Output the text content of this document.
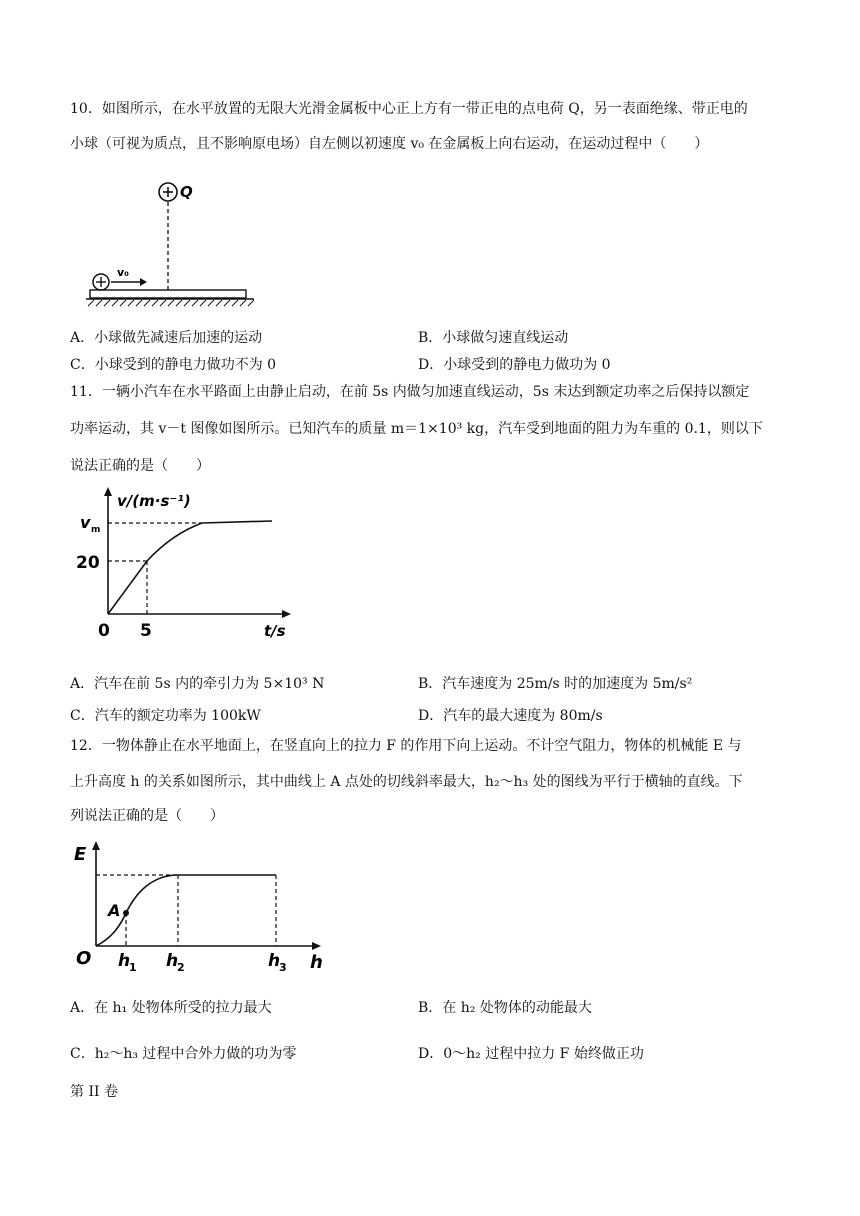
10．如图所示，在水平放置的无限大光滑金属板中心正上方有一带正电的点电荷 Q，另一表面绝缘、带正电的
小球（可视为质点，且不影响原电场）自左侧以初速度 v₀ 在金属板上向右运动，在运动过程中（　　）
Q
v₀
A．小球做先减速后加速的运动	B．小球做匀速直线运动
C．小球受到的静电力做功不为 0	D．小球受到的静电力做功为 0
11．一辆小汽车在水平路面上由静止启动，在前 5s 内做匀加速直线运动，5s 末达到额定功率之后保持以额定
功率运动，其 v－t 图像如图所示。已知汽车的质量 m＝1×10³ kg，汽车受到地面的阻力为车重的 0.1，则以下
说法正确的是（　　）
v/(m·s⁻¹)
v m
20
0 5	t/s
A．汽车在前 5s 内的牵引力为 5×10³ N	B．汽车速度为 25m/s 时的加速度为 5m/s²
C．汽车的额定功率为 100kW	D．汽车的最大速度为 80m/s
12．一物体静止在水平地面上，在竖直向上的拉力 F 的作用下向上运动。不计空气阻力，物体的机械能 E 与
上升高度 h 的关系如图所示，其中曲线上 A 点处的切线斜率最大，h₂～h₃ 处的图线为平行于横轴的直线。下
列说法正确的是（　　）
E
A
O h
1 h
2	h
3 h
A．在 h₁ 处物体所受的拉力最大	B．在 h₂ 处物体的动能最大
C．h₂～h₃ 过程中合外力做的功为零	D．0～h₂ 过程中拉力 F 始终做正功
第 II 卷
